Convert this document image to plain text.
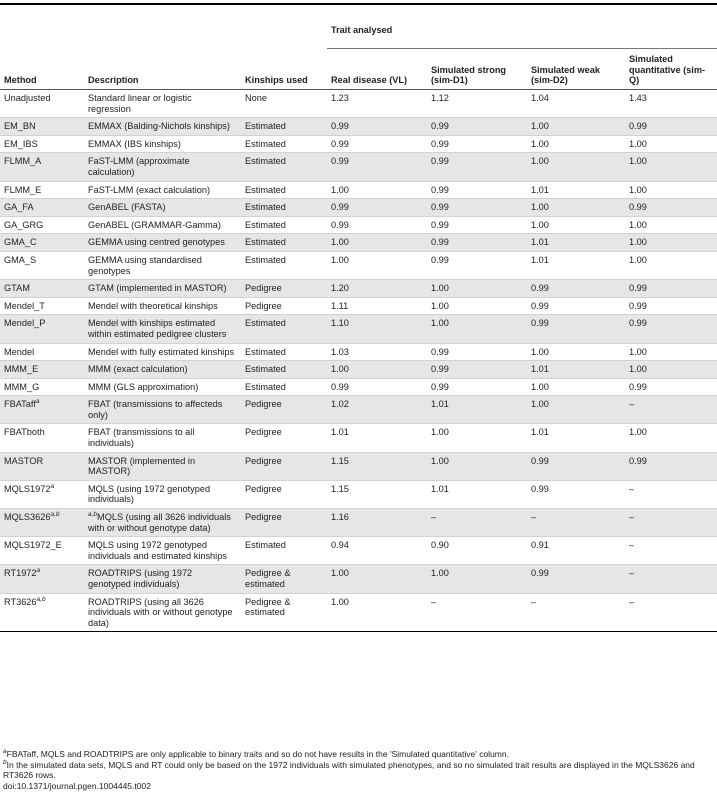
			Trait analysed			
Method	Description	Kinships used	Real disease (VL)	Simulated strong (sim-D1)	Simulated weak (sim-D2)	Simulated quantitative (sim-Q)
Unadjusted	Standard linear or logistic regression	None	1.23	1.12	1.04	1.43
EM_BN	EMMAX (Balding-Nichols kinships)	Estimated	0.99	0.99	1.00	0.99
EM_IBS	EMMAX (IBS kinships)	Estimated	0.99	0.99	1.00	1.00
FLMM_A	FaST-LMM (approximate calculation)	Estimated	0.99	0.99	1.00	1.00
FLMM_E	FaST-LMM (exact calculation)	Estimated	1.00	0.99	1.01	1.00
GA_FA	GenABEL (FASTA)	Estimated	0.99	0.99	1.00	0.99
GA_GRG	GenABEL (GRAMMAR-Gamma)	Estimated	0.99	0.99	1.00	1.00
GMA_C	GEMMA using centred genotypes	Estimated	1.00	0.99	1.01	1.00
GMA_S	GEMMA using standardised genotypes	Estimated	1.00	0.99	1.01	1.00
GTAM	GTAM (implemented in MASTOR)	Pedigree	1.20	1.00	0.99	0.99
Mendel_T	Mendel with theoretical kinships	Pedigree	1.11	1.00	0.99	0.99
Mendel_P	Mendel with kinships estimated within estimated pedigree clusters	Estimated	1.10	1.00	0.99	0.99
Mendel	Mendel with fully estimated kinships	Estimated	1.03	0.99	1.00	1.00
MMM_E	MMM (exact calculation)	Estimated	1.00	0.99	1.01	1.00
MMM_G	MMM (GLS approximation)	Estimated	0.99	0.99	1.00	0.99
FBATaff$^a$	FBAT (transmissions to affecteds only)	Pedigree	1.02	1.01	1.00	–
FBATboth	FBAT (transmissions to all individuals)	Pedigree	1.01	1.00	1.01	1.00
MASTOR	MASTOR (implemented in MASTOR)	Pedigree	1.15	1.00	0.99	0.99
MQLS1972$^a$	MQLS (using 1972 genotyped individuals)	Pedigree	1.15	1.01	0.99	–
MQLS3626$^{a,b}$	$^{a,b}$MQLS (using all 3626 individuals with or without genotype data)	Pedigree	1.16	–	–	–
MQLS1972_E	MQLS using 1972 genotyped individuals and estimated kinships	Estimated	0.94	0.90	0.91	–
RT1972$^a$	ROADTRIPS (using 1972 genotyped individuals)	Pedigree & estimated	1.00	1.00	0.99	–
RT3626$^{a,b}$	ROADTRIPS (using all 3626 individuals with or without genotype data)	Pedigree & estimated	1.00	–	–	–

$^a$FBATaff, MQLS and ROADTRIPS are only applicable to binary traits and so do not have results in the 'Simulated quantitative' column.

$^b$In the simulated data sets, MQLS and RT could only be based on the 1972 individuals with simulated phenotypes, and so no simulated trait results are displayed in the MQLS3626 and RT3626 rows.

doi:10.1371/journal.pgen.1004445.t002
